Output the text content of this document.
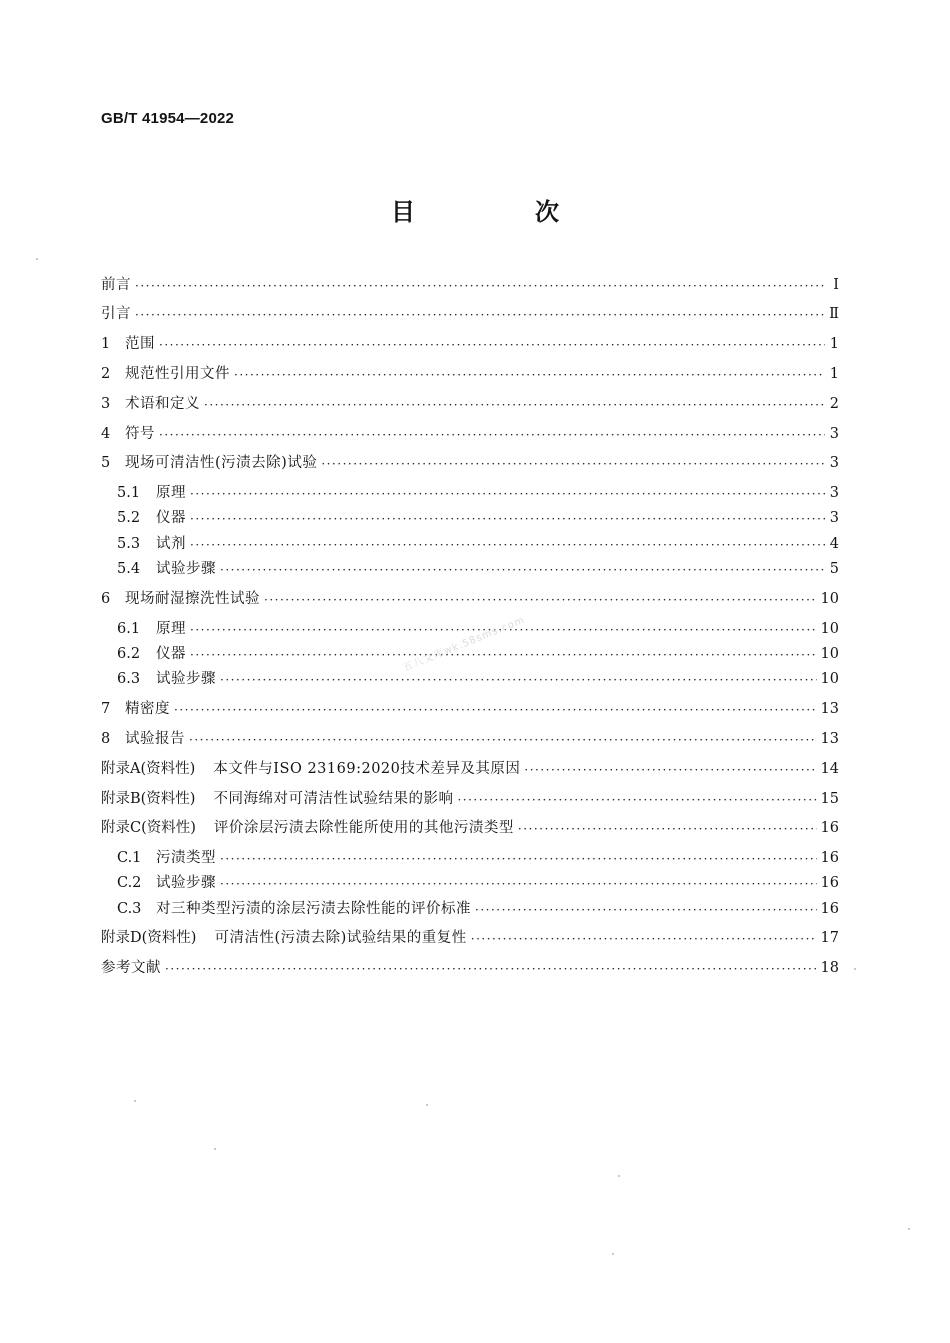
GB/T 41954—2022
目　次
前言 ·····	Ⅰ
引言 ·····	Ⅱ
1	范围 ·····	1
2	规范性引用文件 ·····	1
3	术语和定义 ·····	2
4	符号 ·····	3
5	现场可清洁性(污渍去除)试验 ·····	3
5.1	原理 ·····	3
5.2	仪器 ·····	3
5.3	试剂 ·····	4
5.4	试验步骤 ·····	5
6	现场耐湿擦洗性试验 ·····	10
6.1	原理 ·····	10
6.2	仪器 ·····	10
6.3	试验步骤 ·····	10
7	精密度 ·····	13
8	试验报告 ·····	13
附录A(资料性) 本文件与ISO 23169:2020技术差异及其原因 ·····	14
附录B(资料性) 不同海绵对可清洁性试验结果的影响 ·····	15
附录C(资料性) 评价涂层污渍去除性能所使用的其他污渍类型 ·····	16
C.1	污渍类型 ·····	16
C.2	试验步骤 ·····	16
C.3	对三种类型污渍的涂层污渍去除性能的评价标准 ·····	16
附录D(资料性) 可清洁性(污渍去除)试验结果的重复性 ·····	17
参考文献 ·····	18
五八文库wk.58sms.com
